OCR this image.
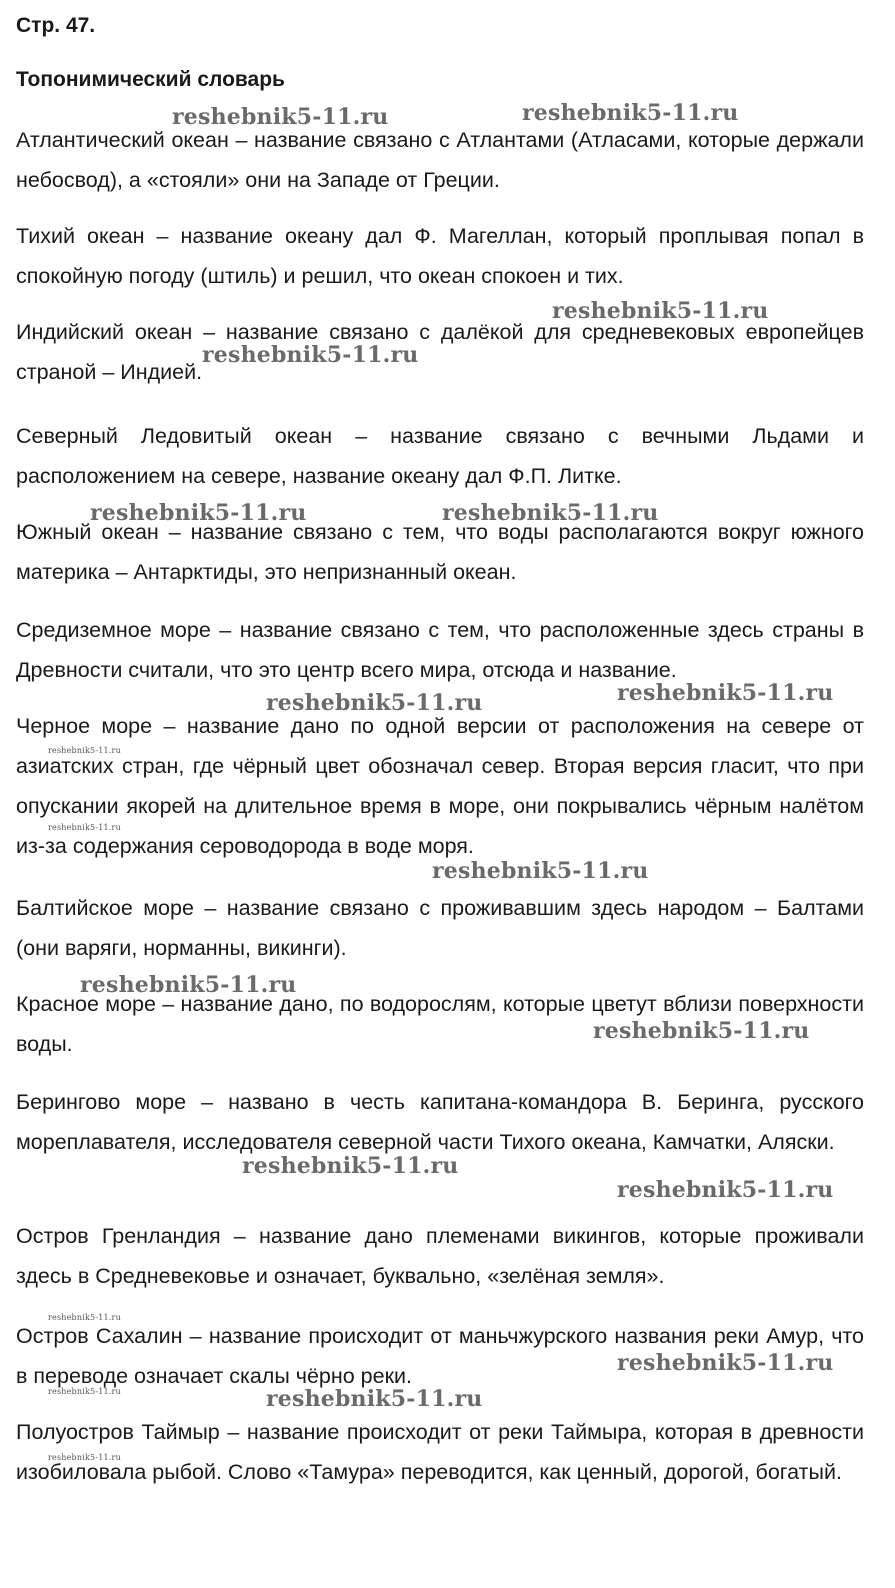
Стр. 47.
Топонимический словарь

Атлантический океан – название связано с Атлантами (Атласами, которые держали небосвод), а «стояли» они на Западе от Греции.

Тихий океан – название океану дал Ф. Магеллан, который проплывая попал в спокойную погоду (штиль) и решил, что океан спокоен и тих.

Индийский океан – название связано с далёкой для средневековых европейцев страной – Индией.

Северный Ледовитый океан – название связано с вечными Льдами и расположением на севере, название океану дал Ф.П. Литке.

Южный океан – название связано с тем, что воды располагаются вокруг южного материка – Антарктиды, это непризнанный океан.

Средиземное море – название связано с тем, что расположенные здесь страны в Древности считали, что это центр всего мира, отсюда и название.

Черное море – название дано по одной версии от расположения на севере от азиатских стран, где чёрный цвет обозначал север. Вторая версия гласит, что при опускании якорей на длительное время в море, они покрывались чёрным налётом из-за содержания сероводорода в воде моря.

Балтийское море – название связано с проживавшим здесь народом – Балтами (они варяги, норманны, викинги).

Красное море – название дано, по водорослям, которые цветут вблизи поверхности воды.

Берингово море – названо в честь капитана-командора В. Беринга, русского мореплавателя, исследователя северной части Тихого океана, Камчатки, Аляски.

Остров Гренландия – название дано племенами викингов, которые проживали здесь в Средневековье и означает, буквально, «зелёная земля».

Остров Сахалин – название происходит от маньчжурского названия реки Амур, что в переводе означает скалы чёрно реки.

Полуостров Таймыр – название происходит от реки Таймыра, которая в древности изобиловала рыбой. Слово «Тамура» переводится, как ценный, дорогой, богатый.

reshebnik5-11.ru	reshebnik5-11.ru
reshebnik5-11.ru
reshebnik5-11.ru
reshebnik5-11.ru	reshebnik5-11.ru
reshebnik5-11.ru	reshebnik5-11.ru
reshebnik5-11.ru
reshebnik5-11.ru
reshebnik5-11.ru
reshebnik5-11.ru
reshebnik5-11.ru
reshebnik5-11.ru
reshebnik5-11.ru
reshebnik5-11.ru
reshebnik5-11.ru
reshebnik5-11.ru	reshebnik5-11.ru
reshebnik5-11.ru
